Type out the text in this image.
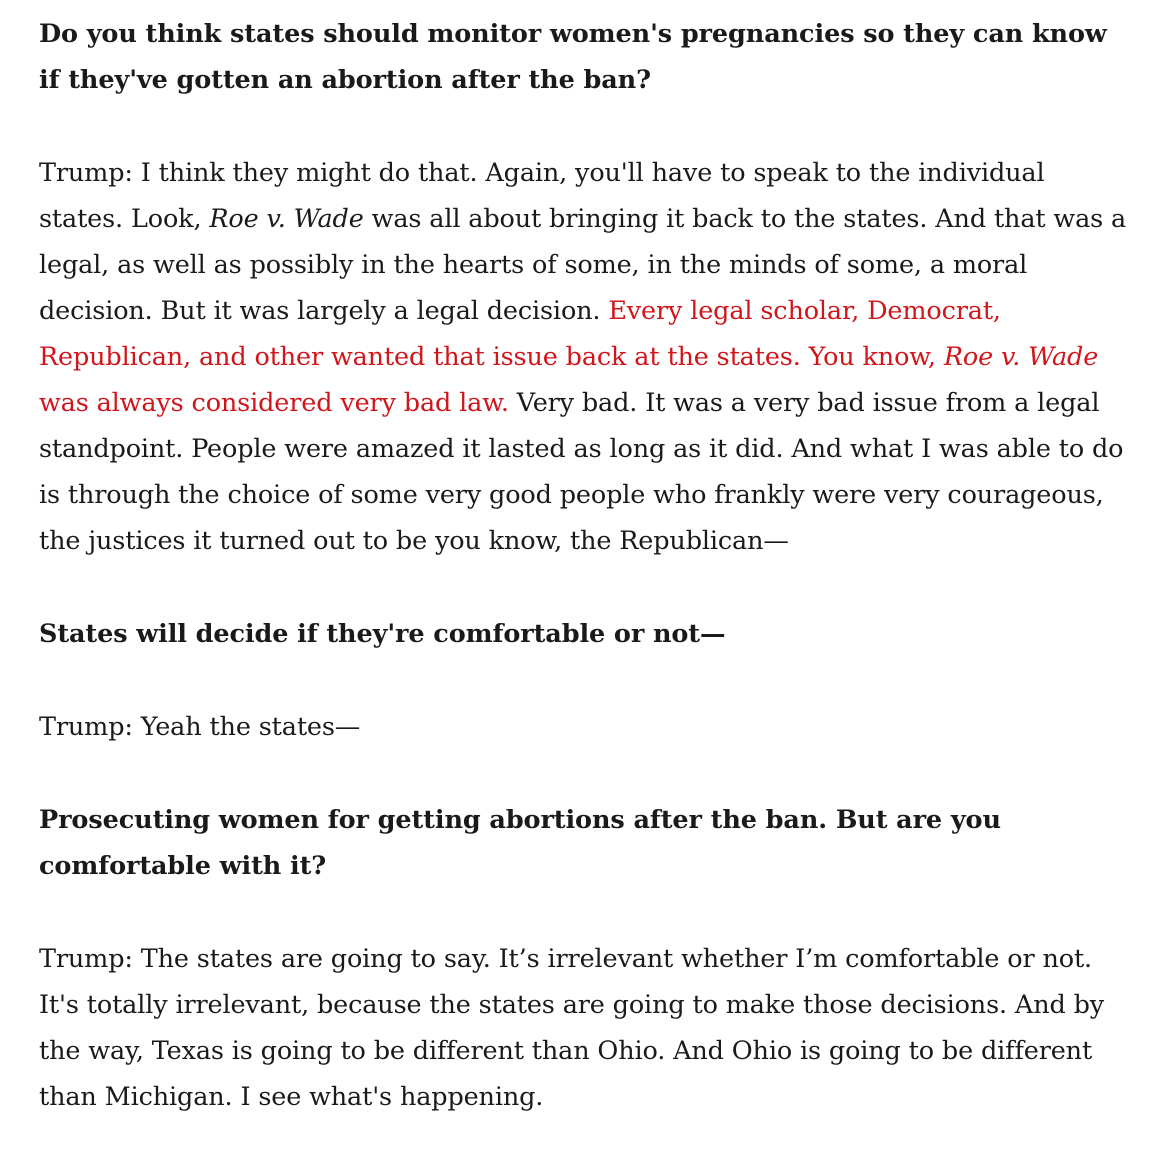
Do you think states should monitor women's pregnancies so they can know if they've gotten an abortion after the ban?

Trump: I think they might do that. Again, you'll have to speak to the individual states. Look, Roe v. Wade was all about bringing it back to the states. And that was a legal, as well as possibly in the hearts of some, in the minds of some, a moral decision. But it was largely a legal decision. Every legal scholar, Democrat, Republican, and other wanted that issue back at the states. You know, Roe v. Wade was always considered very bad law. Very bad. It was a very bad issue from a legal standpoint. People were amazed it lasted as long as it did. And what I was able to do is through the choice of some very good people who frankly were very courageous, the justices it turned out to be you know, the Republican—

States will decide if they're comfortable or not—

Trump: Yeah the states—

Prosecuting women for getting abortions after the ban. But are you comfortable with it?

Trump: The states are going to say. It’s irrelevant whether I’m comfortable or not. It's totally irrelevant, because the states are going to make those decisions. And by the way, Texas is going to be different than Ohio. And Ohio is going to be different than Michigan. I see what's happening.
